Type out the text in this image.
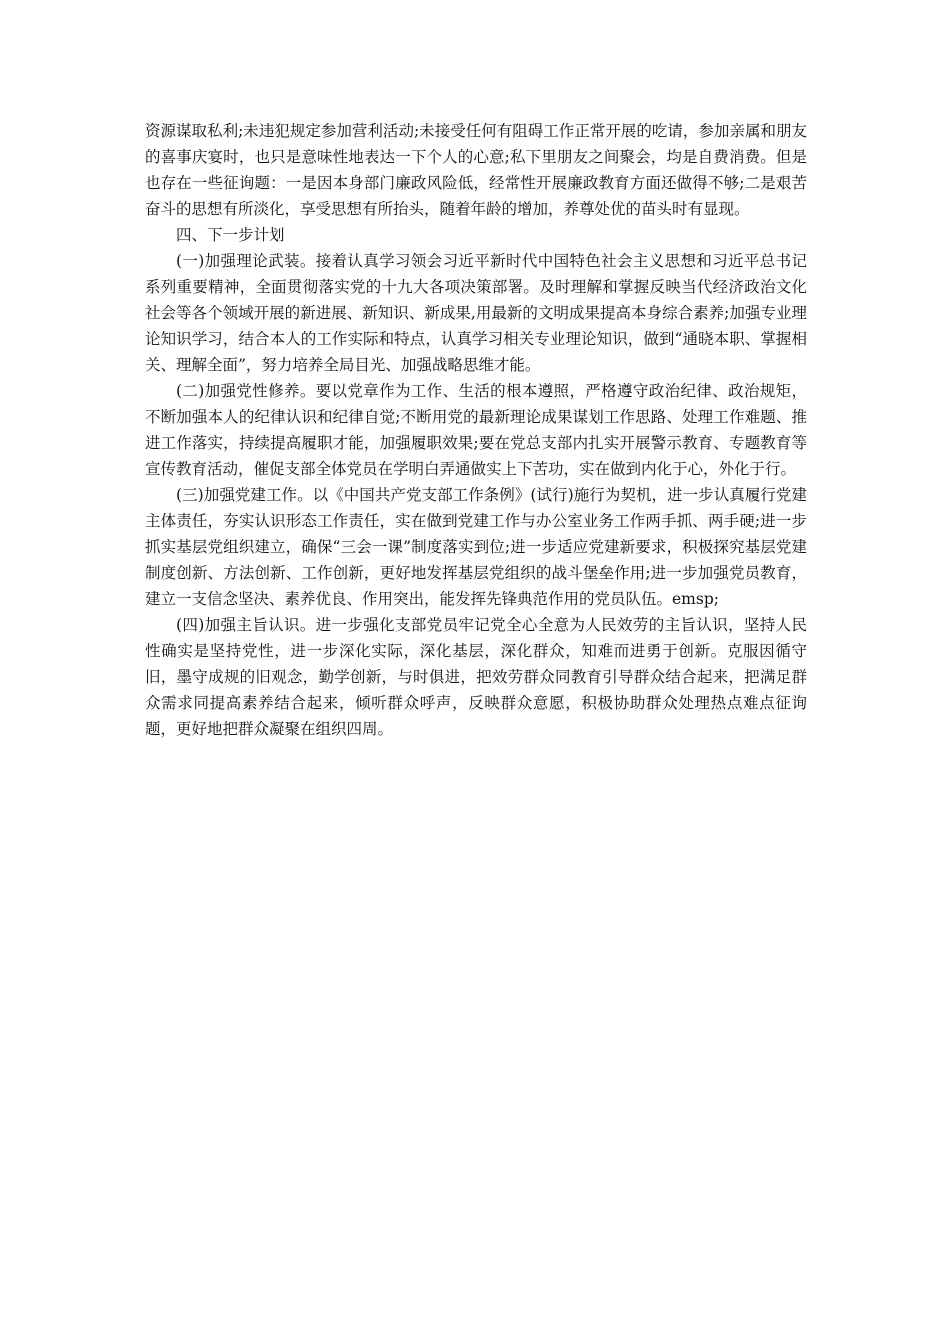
资源谋取私利;未违犯规定参加营利活动;未接受任何有阻碍工作正常开展的吃请，参加亲属和朋友的喜事庆宴时，也只是意味性地表达一下个人的心意;私下里朋友之间聚会，均是自费消费。但是也存在一些征询题：一是因本身部门廉政风险低，经常性开展廉政教育方面还做得不够;二是艰苦奋斗的思想有所淡化，享受思想有所抬头，随着年龄的增加，养尊处优的苗头时有显现。

四、下一步计划

(一)加强理论武装。接着认真学习领会习近平新时代中国特色社会主义思想和习近平总书记系列重要精神，全面贯彻落实党的十九大各项决策部署。及时理解和掌握反映当代经济政治文化社会等各个领域开展的新进展、新知识、新成果,用最新的文明成果提高本身综合素养;加强专业理论知识学习，结合本人的工作实际和特点，认真学习相关专业理论知识，做到“通晓本职、掌握相关、理解全面”，努力培养全局目光、加强战略思维才能。

(二)加强党性修养。要以党章作为工作、生活的根本遵照，严格遵守政治纪律、政治规矩，不断加强本人的纪律认识和纪律自觉;不断用党的最新理论成果谋划工作思路、处理工作难题、推进工作落实，持续提高履职才能，加强履职效果;要在党总支部内扎实开展警示教育、专题教育等宣传教育活动，催促支部全体党员在学明白弄通做实上下苦功，实在做到内化于心，外化于行。

(三)加强党建工作。以《中国共产党支部工作条例》(试行)施行为契机，进一步认真履行党建主体责任，夯实认识形态工作责任，实在做到党建工作与办公室业务工作两手抓、两手硬;进一步抓实基层党组织建立，确保“三会一课”制度落实到位;进一步适应党建新要求，积极探究基层党建制度创新、方法创新、工作创新，更好地发挥基层党组织的战斗堡垒作用;进一步加强党员教育，建立一支信念坚决、素养优良、作用突出，能发挥先锋典范作用的党员队伍。emsp;

(四)加强主旨认识。进一步强化支部党员牢记党全心全意为人民效劳的主旨认识，坚持人民性确实是坚持党性，进一步深化实际，深化基层，深化群众，知难而进勇于创新。克服因循守旧，墨守成规的旧观念，勤学创新，与时俱进，把效劳群众同教育引导群众结合起来，把满足群众需求同提高素养结合起来，倾听群众呼声，反映群众意愿，积极协助群众处理热点难点征询题，更好地把群众凝聚在组织四周。
